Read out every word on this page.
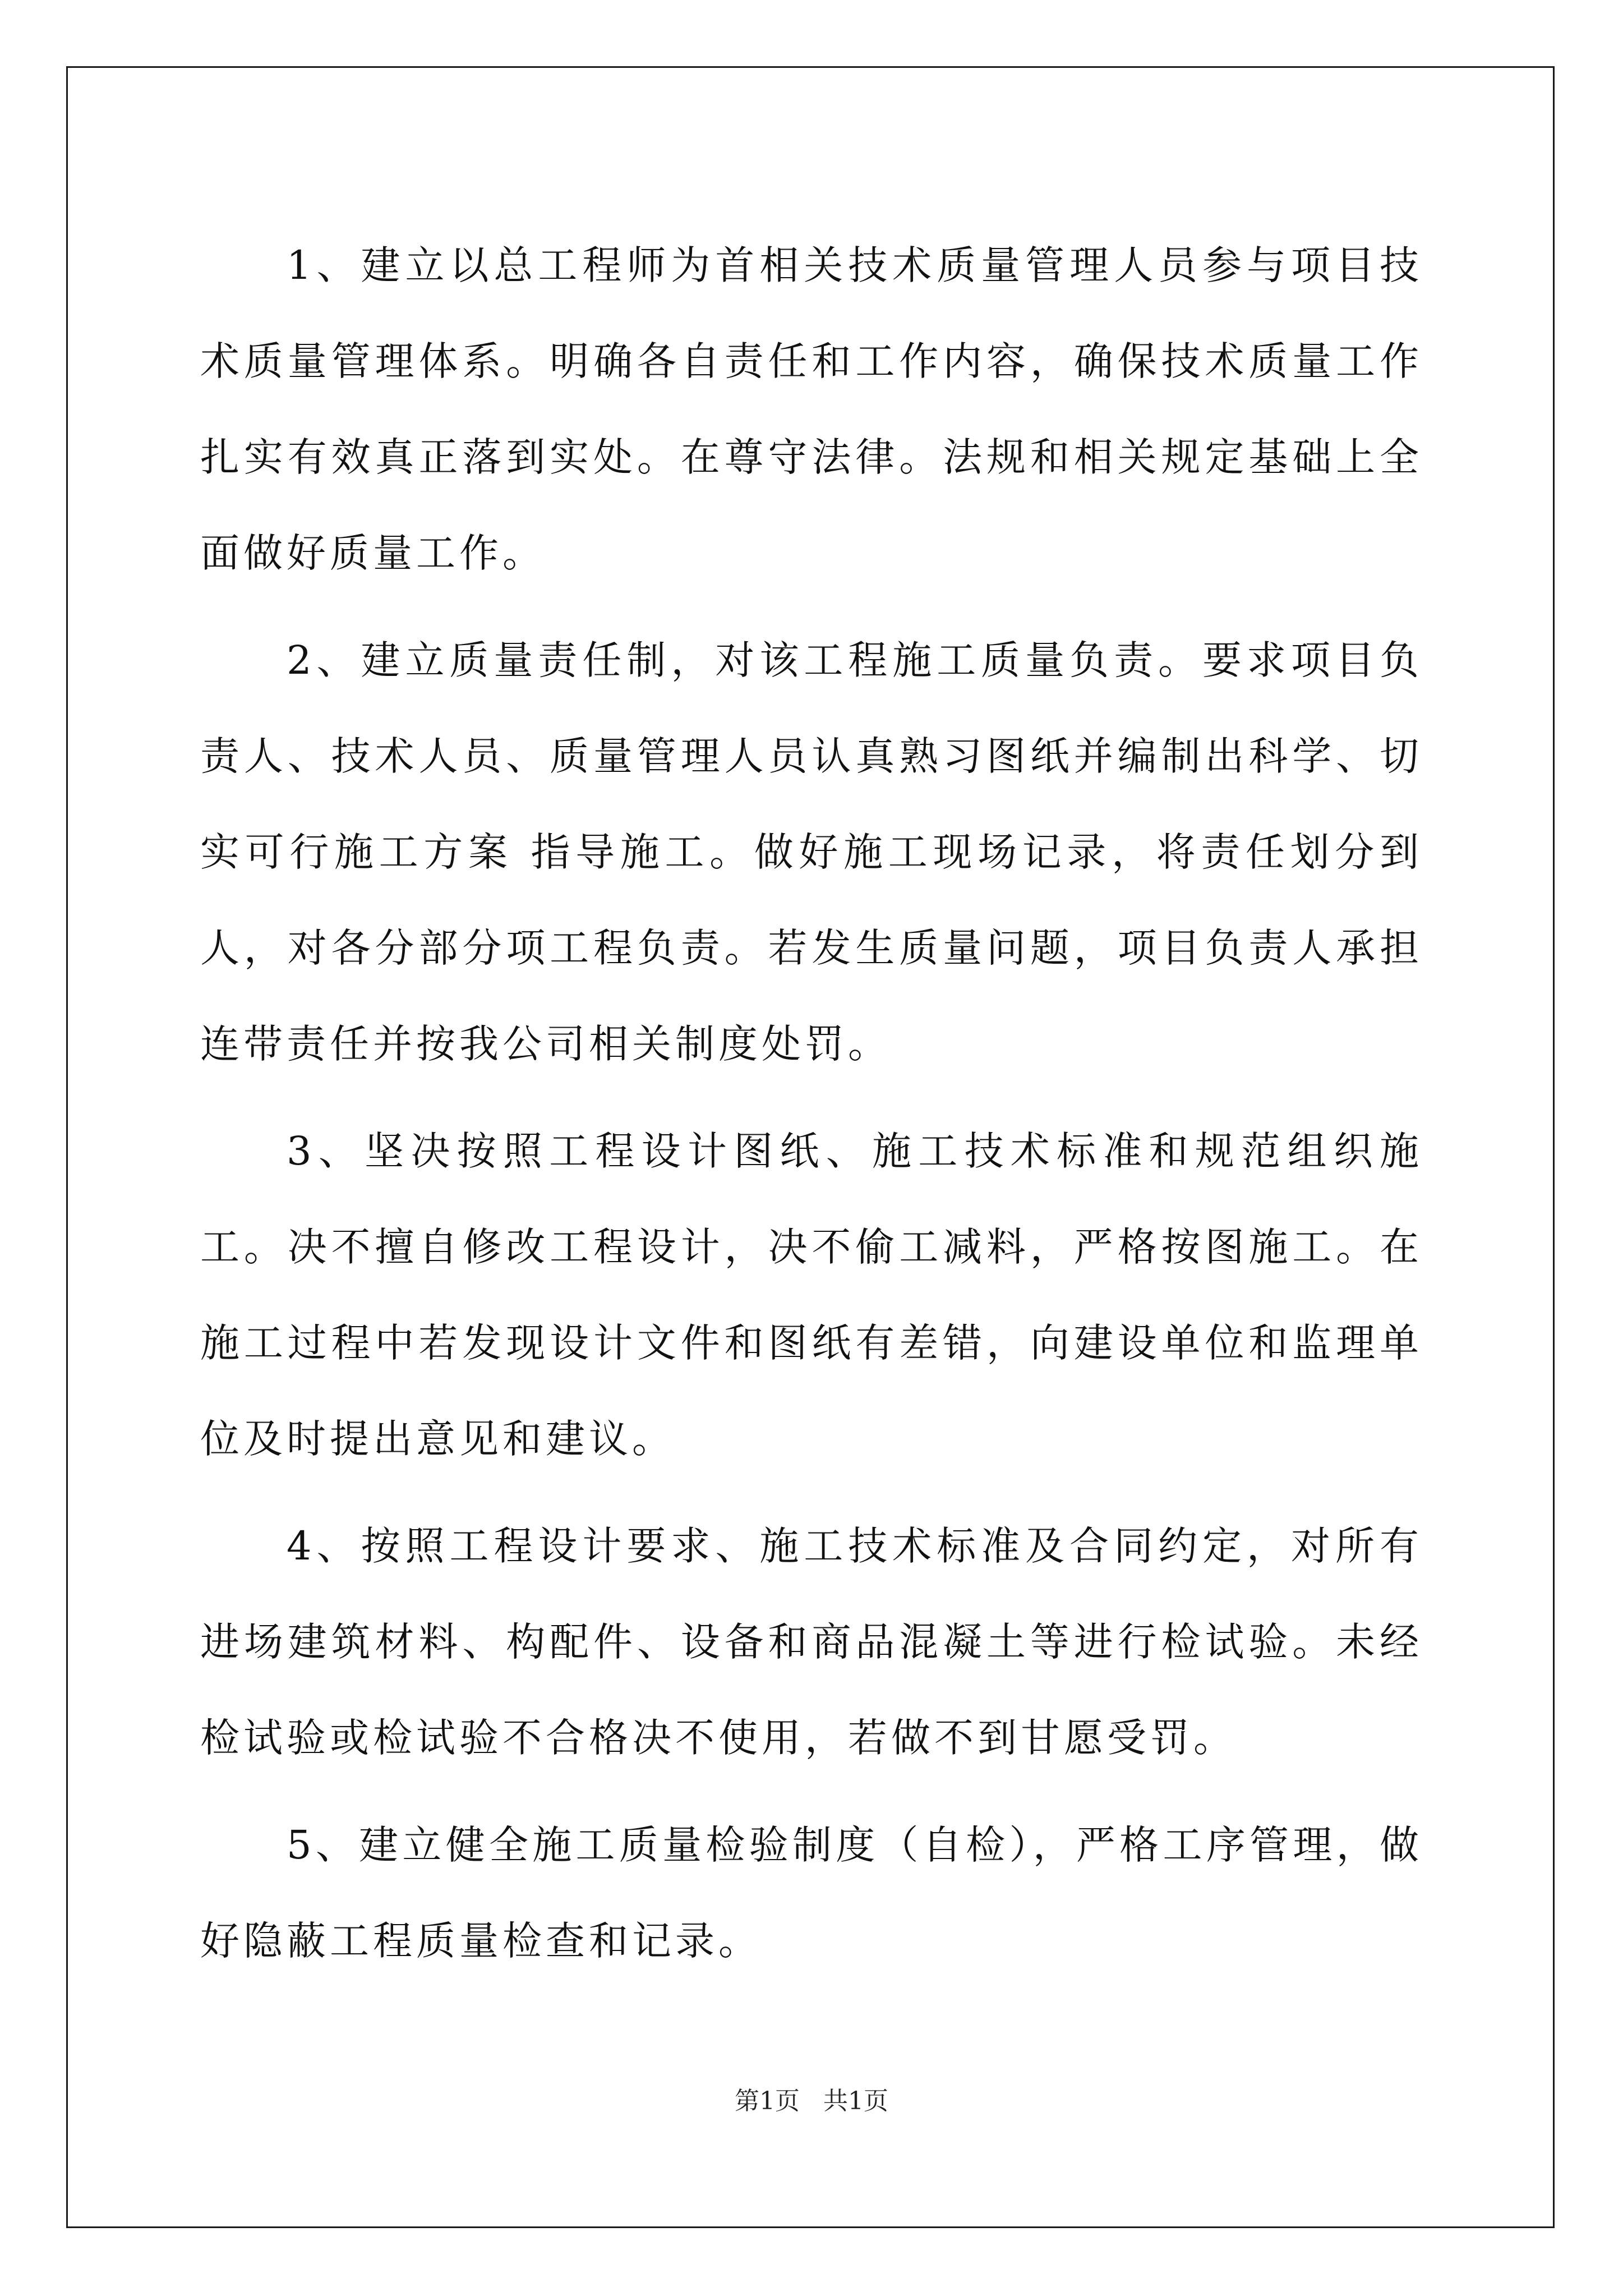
1、建立以总工程师为首相关技术质量管理人员参与项目技术质量管理体系。明确各自责任和工作内容，确保技术质量工作扎实有效真正落到实处。在尊守法律。法规和相关规定基础上全面做好质量工作。

2、建立质量责任制，对该工程施工质量负责。要求项目负责人、技术人员、质量管理人员认真熟习图纸并编制出科学、切实可行施工方案 指导施工。做好施工现场记录，将责任划分到人，对各分部分项工程负责。若发生质量问题，项目负责人承担连带责任并按我公司相关制度处罚。

3、坚决按照工程设计图纸、施工技术标准和规范组织施工。决不擅自修改工程设计，决不偷工减料，严格按图施工。在施工过程中若发现设计文件和图纸有差错，向建设单位和监理单位及时提出意见和建议。

4、按照工程设计要求、施工技术标准及合同约定，对所有进场建筑材料、构配件、设备和商品混凝土等进行检试验。未经检试验或检试验不合格决不使用，若做不到甘愿受罚。

5、建立健全施工质量检验制度（自检），严格工序管理，做好隐蔽工程质量检查和记录。

第1页 共1页
